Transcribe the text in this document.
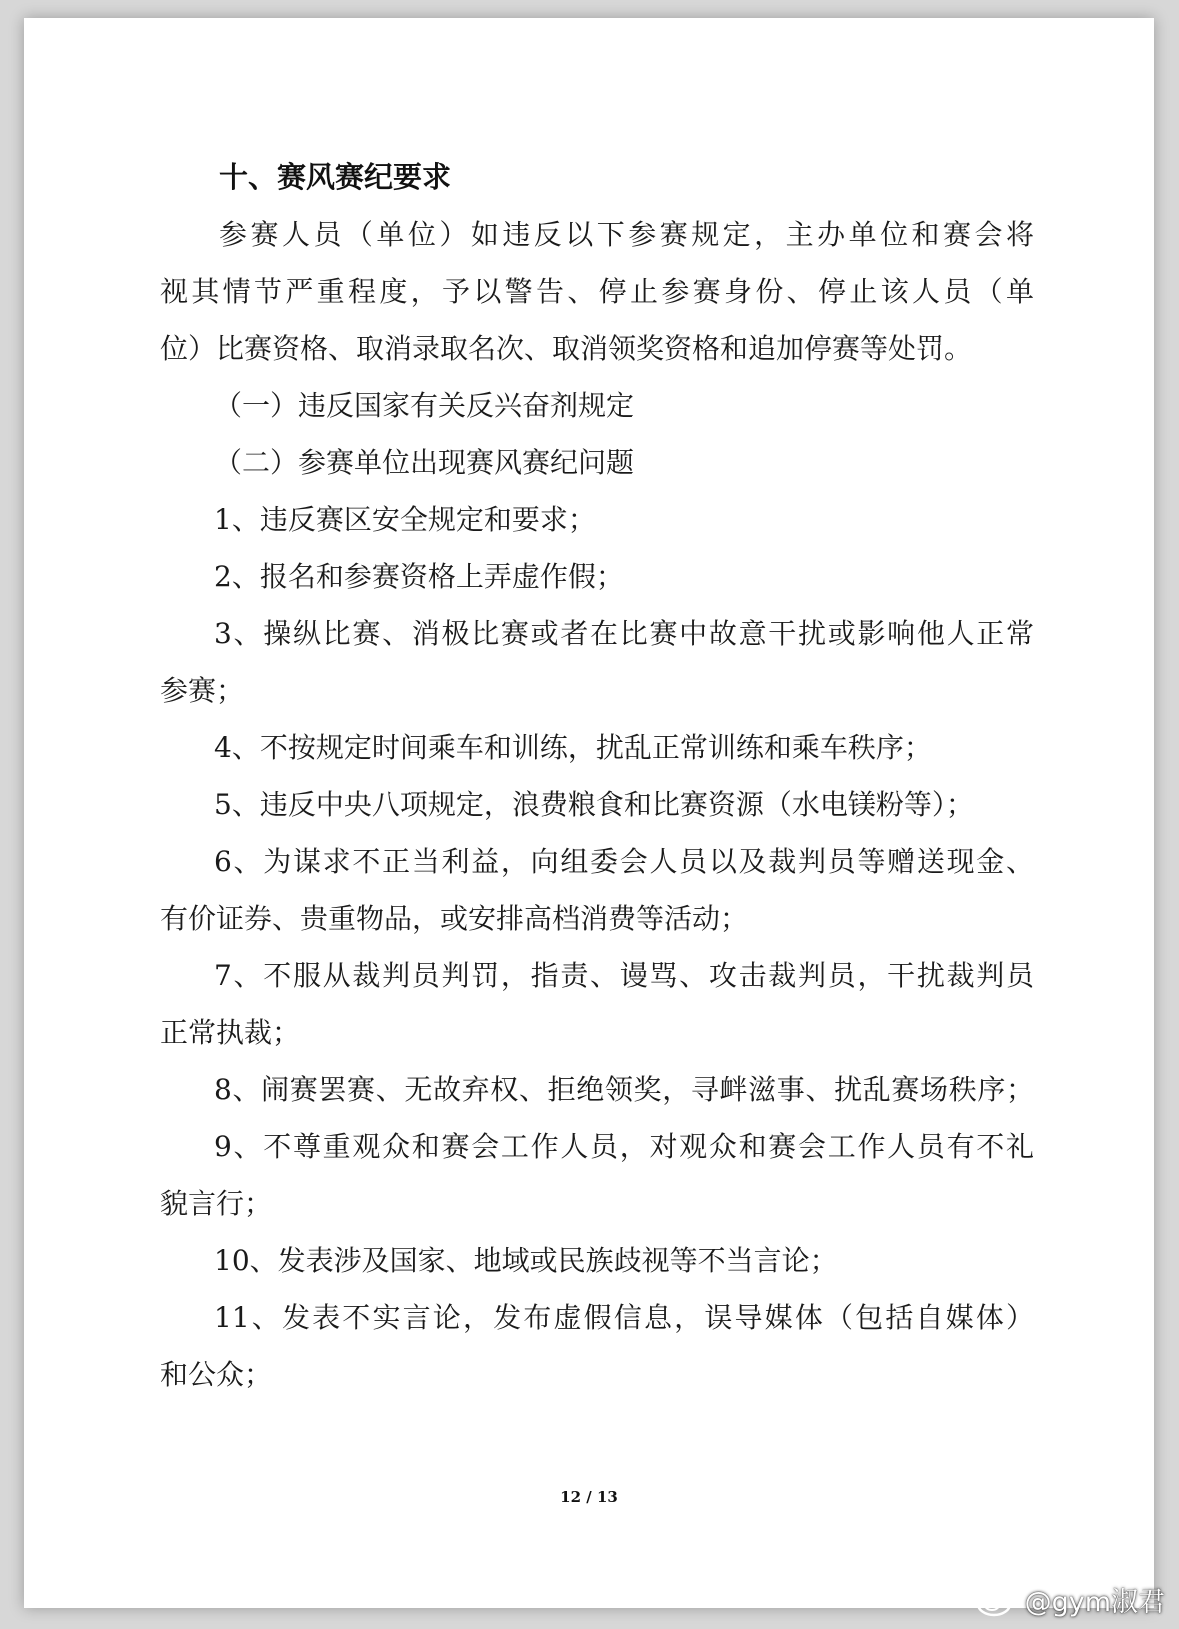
十、赛风赛纪要求
参赛人员（单位）如违反以下参赛规定，主办单位和赛会将
视其情节严重程度，予以警告、停止参赛身份、停止该人员（单
位）比赛资格、取消录取名次、取消领奖资格和追加停赛等处罚。
（一）违反国家有关反兴奋剂规定
（二）参赛单位出现赛风赛纪问题
1、违反赛区安全规定和要求；
2、报名和参赛资格上弄虚作假；
3、操纵比赛、消极比赛或者在比赛中故意干扰或影响他人正常
参赛；
4、不按规定时间乘车和训练，扰乱正常训练和乘车秩序；
5、违反中央八项规定，浪费粮食和比赛资源（水电镁粉等）；
6、为谋求不正当利益，向组委会人员以及裁判员等赠送现金、
有价证券、贵重物品，或安排高档消费等活动；
7、不服从裁判员判罚，指责、谩骂、攻击裁判员，干扰裁判员
正常执裁；
8、闹赛罢赛、无故弃权、拒绝领奖，寻衅滋事、扰乱赛场秩序；
9、不尊重观众和赛会工作人员，对观众和赛会工作人员有不礼
貌言行；
10、发表涉及国家、地域或民族歧视等不当言论；
11、发表不实言论，发布虚假信息，误导媒体（包括自媒体）
和公众；
12 / 13
@gym淑君
